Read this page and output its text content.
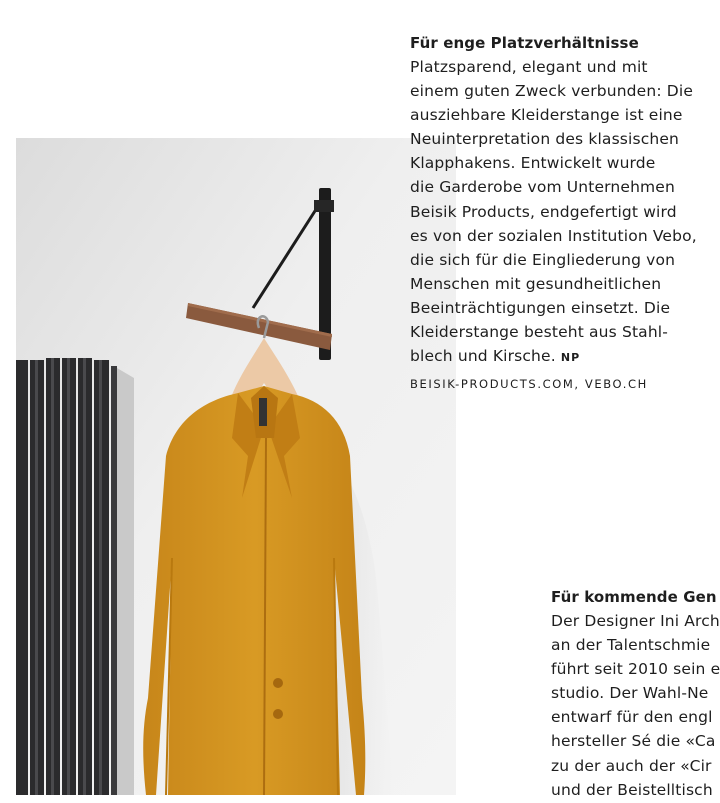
Für enge Platzverhältnisse
Platzsparend, elegant und mit
einem guten Zweck verbunden: Die
ausziehbare Kleiderstange ist eine
Neuinterpretation des klassischen
Klapphakens. Entwickelt wurde
die Garderobe vom Unternehmen
Beisik Products, endgefertigt wird
es von der sozialen Institution Vebo,
die sich für die Eingliederung von
Menschen mit gesundheitlichen
Beeinträchtigungen einsetzt. Die
Kleiderstange besteht aus Stahl-
blech und Kirsche. NP
BEISIK-PRODUCTS.COM, VEBO.CH
Für kommende Gen
Der Designer Ini Arch
an der Talentschmie
führt seit 2010 sein e
studio. Der Wahl-Ne
entwarf für den engl
hersteller Sé die «Ca
zu der auch der «Cir
und der Beistelltisch
